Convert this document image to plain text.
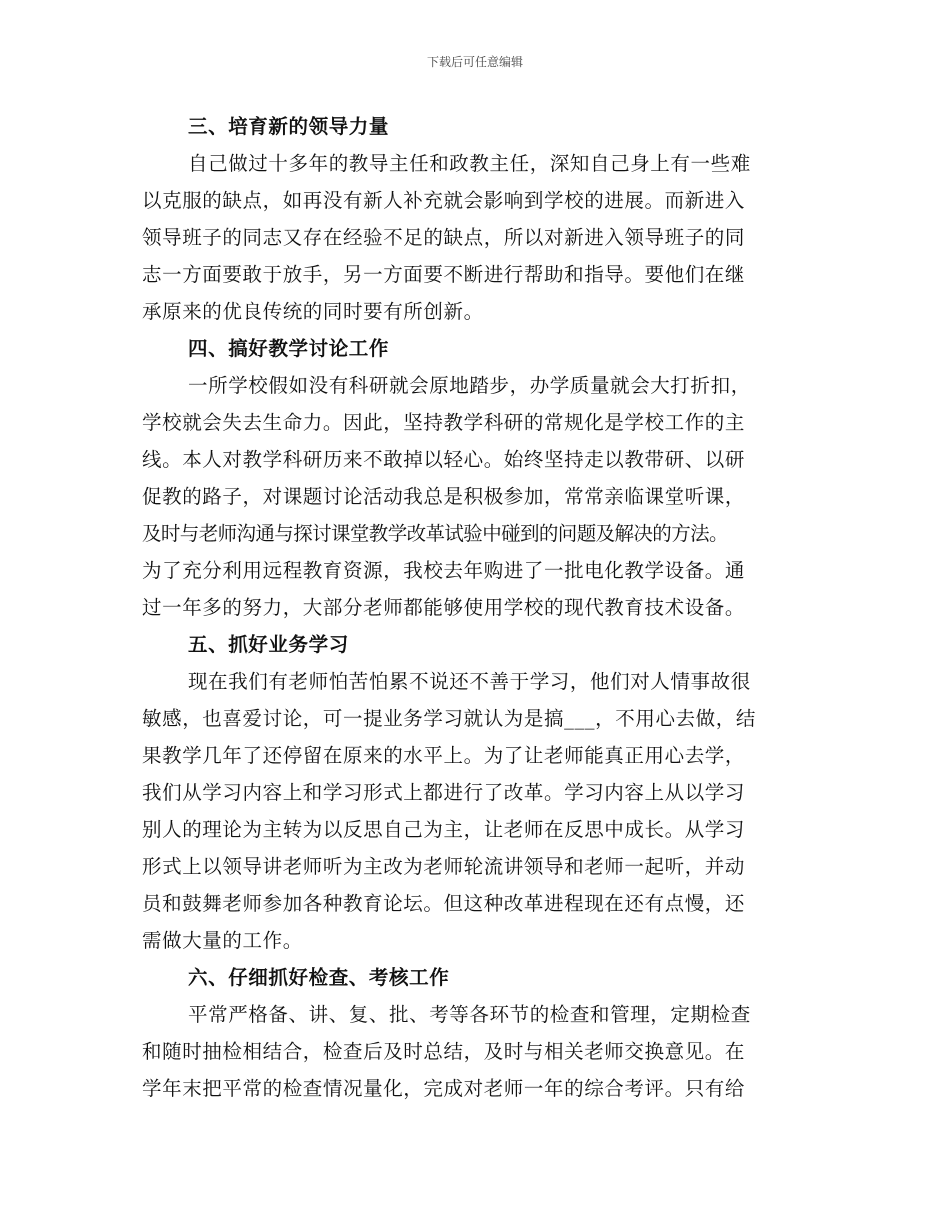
下载后可任意编辑
三、培育新的领导力量
自己做过十多年的教导主任和政教主任，深知自己身上有一些难
以克服的缺点，如再没有新人补充就会影响到学校的进展。而新进入
领导班子的同志又存在经验不足的缺点，所以对新进入领导班子的同
志一方面要敢于放手，另一方面要不断进行帮助和指导。要他们在继
承原来的优良传统的同时要有所创新。
四、搞好教学讨论工作
一所学校假如没有科研就会原地踏步，办学质量就会大打折扣，
学校就会失去生命力。因此，坚持教学科研的常规化是学校工作的主
线。本人对教学科研历来不敢掉以轻心。始终坚持走以教带研、以研
促教的路子，对课题讨论活动我总是积极参加，常常亲临课堂听课，
及时与老师沟通与探讨课堂教学改革试验中碰到的问题及解决的方法。
为了充分利用远程教育资源，我校去年购进了一批电化教学设备。通
过一年多的努力，大部分老师都能够使用学校的现代教育技术设备。
五、抓好业务学习
现在我们有老师怕苦怕累不说还不善于学习，他们对人情事故很
敏感，也喜爱讨论，可一提业务学习就认为是搞___，不用心去做，结
果教学几年了还停留在原来的水平上。为了让老师能真正用心去学，
我们从学习内容上和学习形式上都进行了改革。学习内容上从以学习
别人的理论为主转为以反思自己为主，让老师在反思中成长。从学习
形式上以领导讲老师听为主改为老师轮流讲领导和老师一起听，并动
员和鼓舞老师参加各种教育论坛。但这种改革进程现在还有点慢，还
需做大量的工作。
六、仔细抓好检查、考核工作
平常严格备、讲、复、批、考等各环节的检查和管理，定期检查
和随时抽检相结合，检查后及时总结，及时与相关老师交换意见。在
学年末把平常的检查情况量化，完成对老师一年的综合考评。只有给
